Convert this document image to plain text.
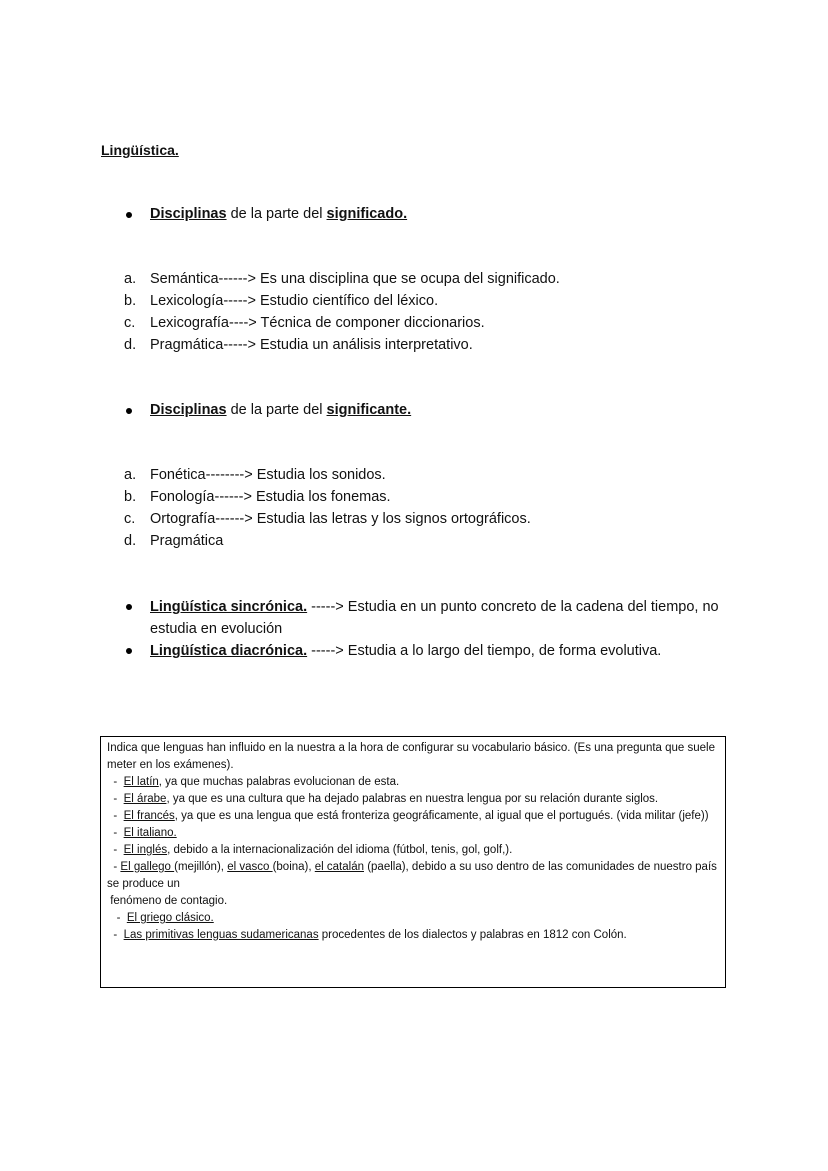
Lingüística.
Disciplinas de la parte del significado.
a. Semántica------> Es una disciplina que se ocupa del significado.
b. Lexicología-----> Estudio científico del léxico.
c.	Lexicografía----> Técnica de componer diccionarios.
d. Pragmática-----> Estudia un análisis interpretativo.
Disciplinas de la parte del significante.
a. Fonética--------> Estudia los sonidos.
b. Fonología------> Estudia los fonemas.
c.	Ortografía------> Estudia las letras y los signos ortográficos.
d. Pragmática
Lingüística sincrónica. -----> Estudia en un punto concreto de la cadena del tiempo, no estudia en evolución
Lingüística diacrónica. -----> Estudia a lo largo del tiempo, de forma evolutiva.
Indica que lenguas han influido en la nuestra a la hora de configurar su vocabulario básico. (Es una pregunta que suele meter en los exámenes).
-  El latín, ya que muchas palabras evolucionan de esta.
-  El árabe, ya que es una cultura que ha dejado palabras en nuestra lengua por su relación durante siglos.
-  El francés, ya que es una lengua que está fronteriza geográficamente, al igual que el portugués. (vida militar (jefe))
-  El italiano.
-  El inglés, debido a la internacionalización del idioma (fútbol, tenis, gol, golf,).
- El gallego (mejillón), el vasco (boina), el catalán (paella), debido a su uso dentro de las comunidades de nuestro país se produce un
fenómeno de contagio.
-  El griego clásico.
-  Las primitivas lenguas sudamericanas procedentes de los dialectos y palabras en 1812 con Colón.
